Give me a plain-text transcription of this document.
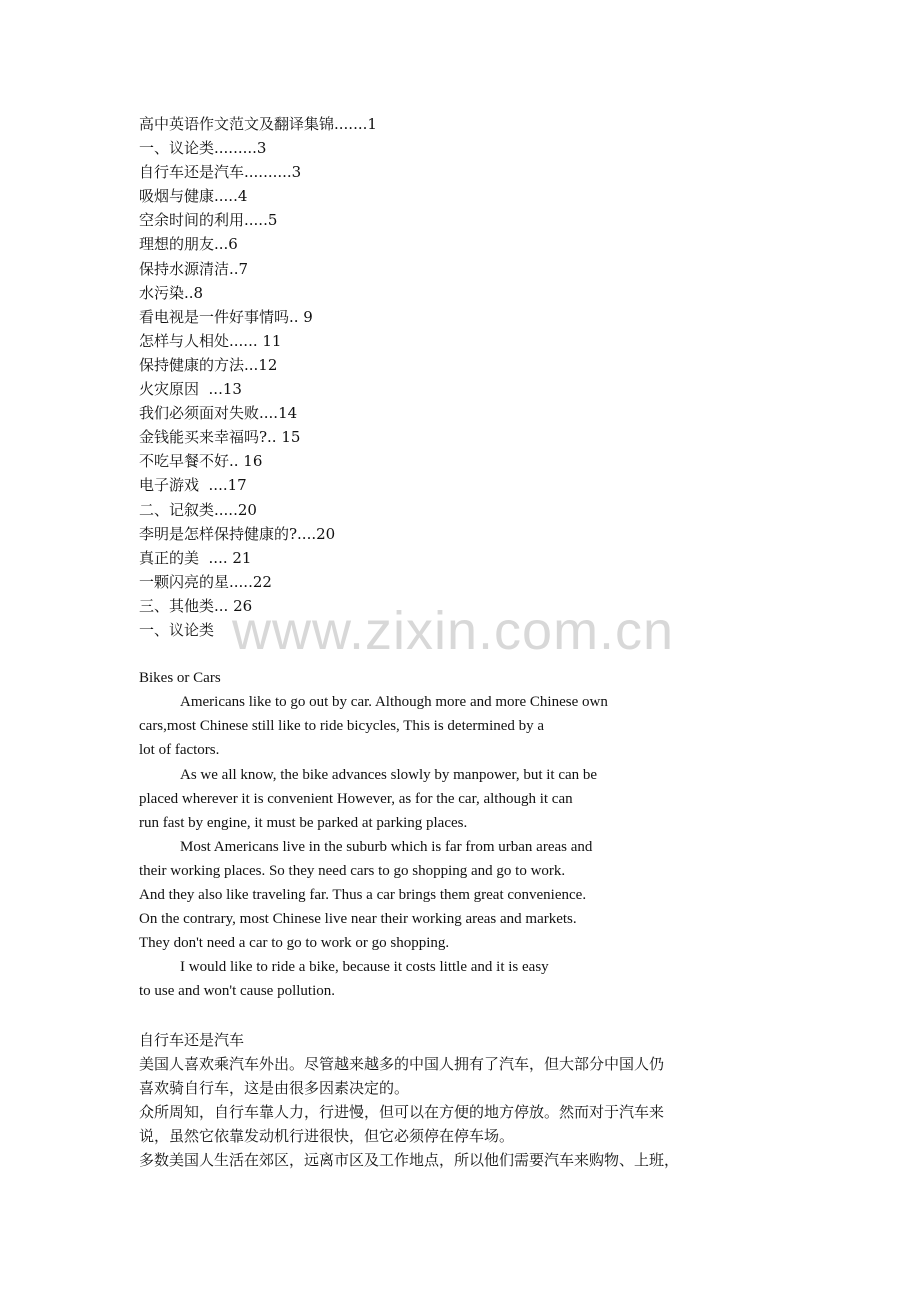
高中英语作文范文及翻译集锦.......1
一、议论类.........3
自行车还是汽车..........3
吸烟与健康.....4
空余时间的利用.....5
理想的朋友...6
保持水源清洁..7
水污染..8
看电视是一件好事情吗.. 9
怎样与人相处...... 11
保持健康的方法...12
火灾原因  ...13
我们必须面对失败....14
金钱能买来幸福吗?.. 15
不吃早餐不好.. 16
电子游戏  ....17
二、记叙类.....20
李明是怎样保持健康的?....20
真正的美  .... 21
一颗闪亮的星.....22
三、其他类... 26
一、议论类
Bikes or Cars
Americans like to go out by car. Although more and more Chinese own
cars,most Chinese still like to ride bicycles, This is determined by a
lot of factors.
As we all know, the bike advances slowly by manpower, but it can be
placed wherever it is convenient However, as for the car, although it can
run fast by engine, it must be parked at parking places.
Most Americans live in the suburb which is far from urban areas and
their working places. So they need cars to go shopping and go to work.
And they also like traveling far. Thus a car brings them great convenience.
On the contrary, most Chinese live near their working areas and markets.
They don't need a car to go to work or go shopping.
I would like to ride a bike, because it costs little and it is easy
to use and won't cause pollution.
自行车还是汽车
美国人喜欢乘汽车外出。尽管越来越多的中国人拥有了汽车，但大部分中国人仍
喜欢骑自行车，这是由很多因素决定的。
众所周知，自行车靠人力，行进慢，但可以在方便的地方停放。然而对于汽车来
说，虽然它依靠发动机行进很快，但它必须停在停车场。
多数美国人生活在郊区，远离市区及工作地点，所以他们需要汽车来购物、上班，
www.zixin.com.cn
